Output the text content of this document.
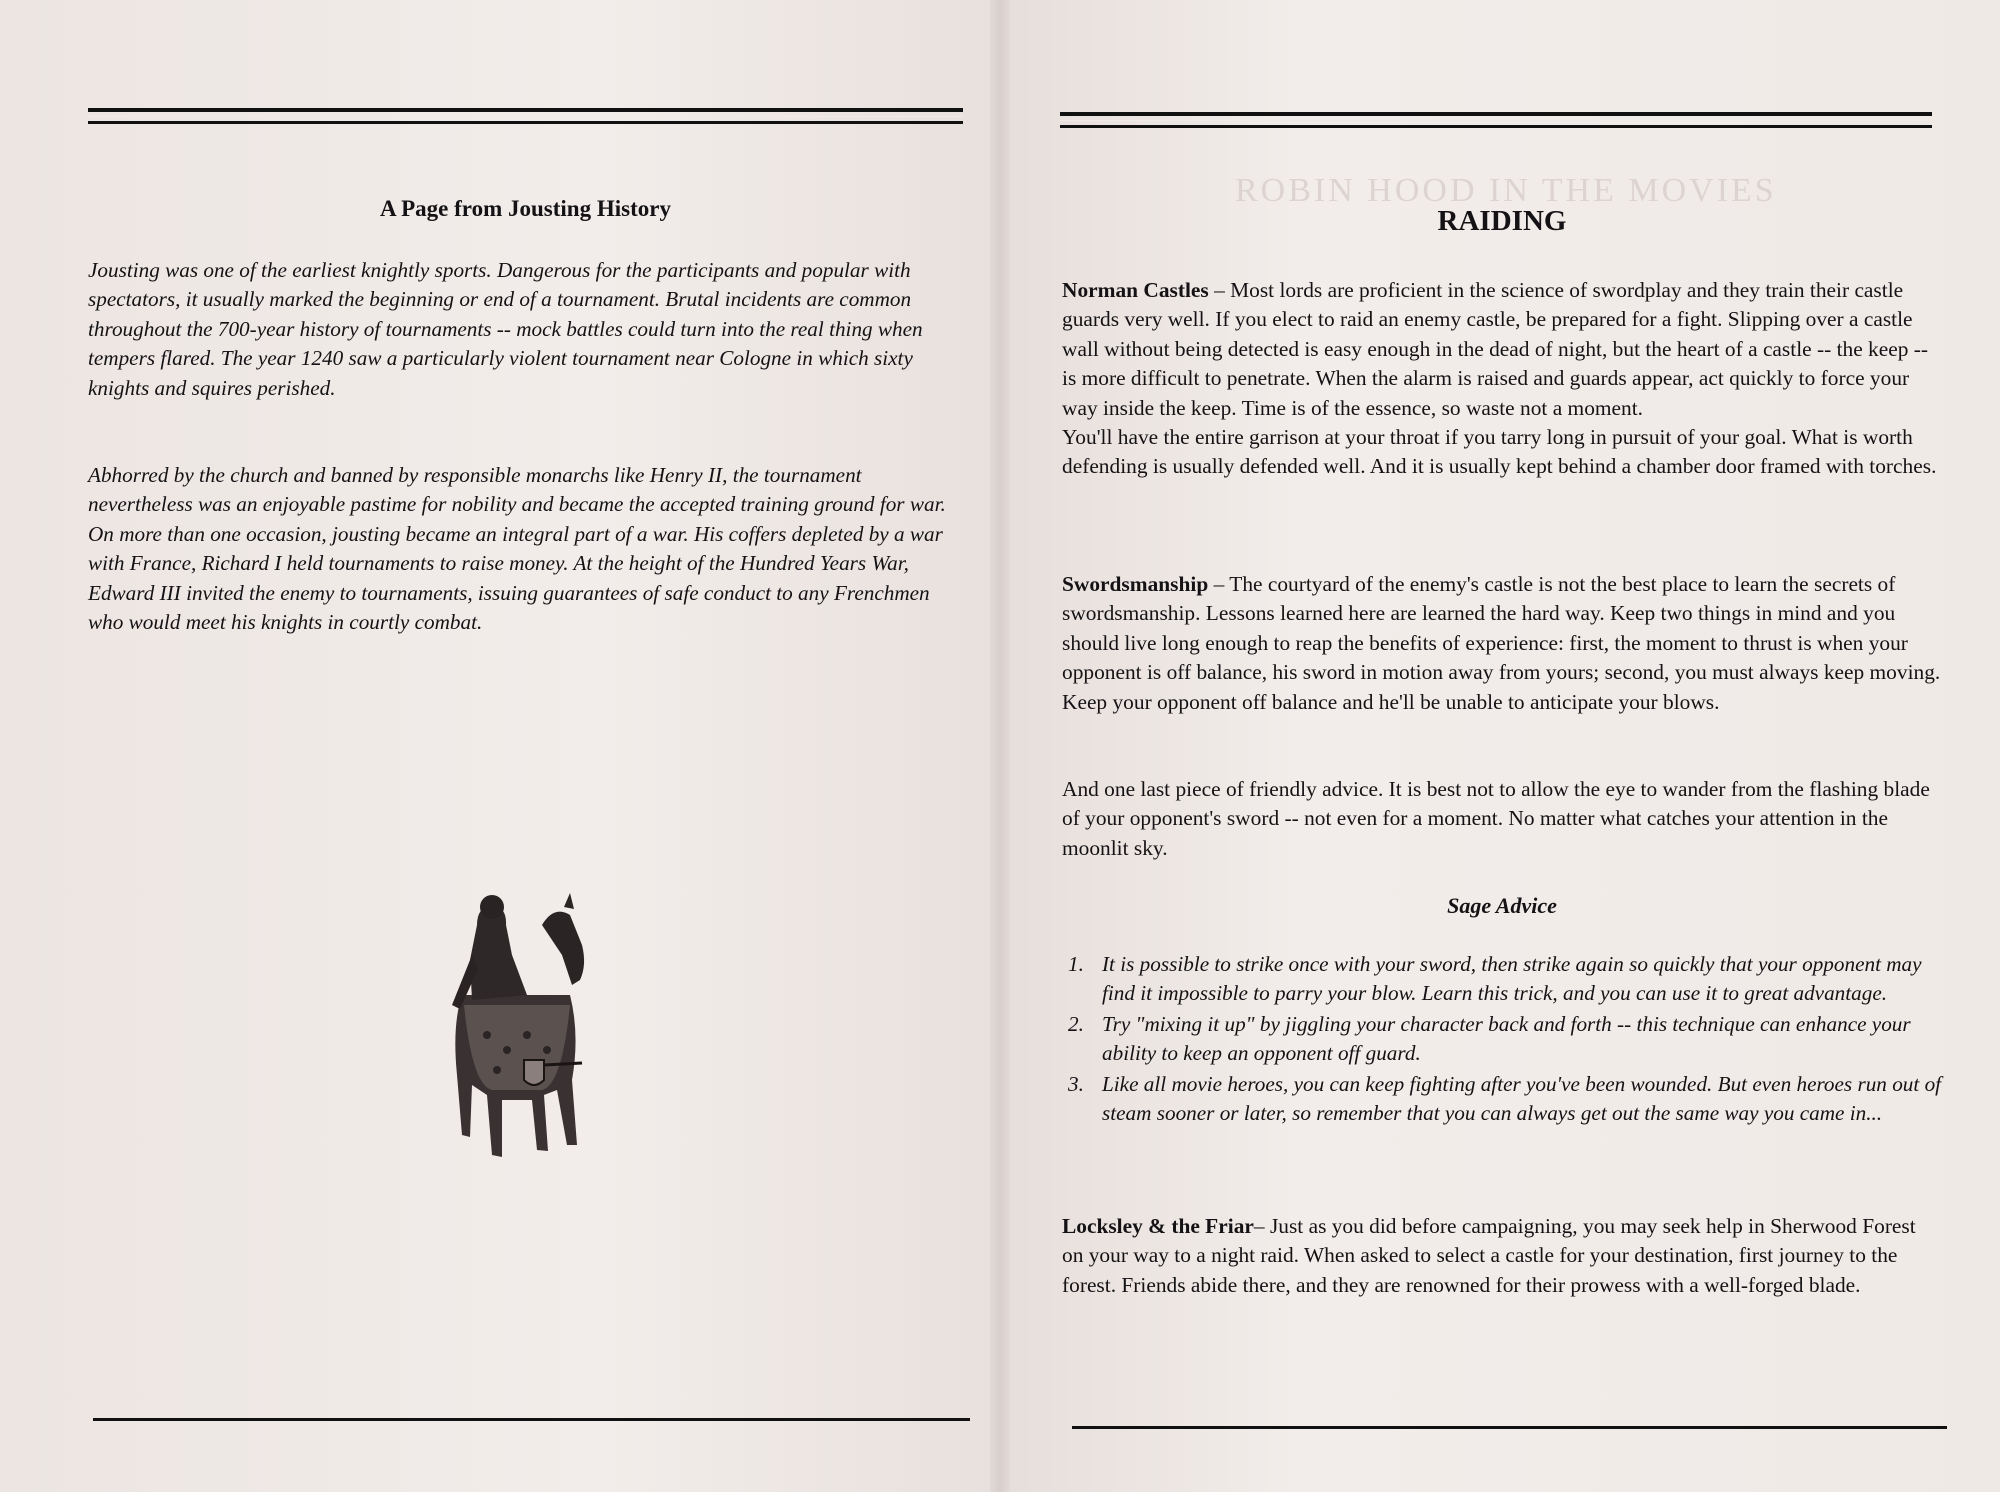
A Page from Jousting History
Jousting was one of the earliest knightly sports. Dangerous for the participants and popular with spectators, it usually marked the beginning or end of a tournament. Brutal incidents are common throughout the 700-year history of tournaments -- mock battles could turn into the real thing when tempers flared. The year 1240 saw a particularly violent tournament near Cologne in which sixty knights and squires perished.
Abhorred by the church and banned by responsible monarchs like Henry II, the tournament nevertheless was an enjoyable pastime for nobility and became the accepted training ground for war. On more than one occasion, jousting became an integral part of a war. His coffers depleted by a war with France, Richard I held tournaments to raise money. At the height of the Hundred Years War, Edward III invited the enemy to tournaments, issuing guarantees of safe conduct to any Frenchmen who would meet his knights in courtly combat.
ROBIN HOOD IN THE MOVIES
RAIDING
Norman Castles – Most lords are proficient in the science of swordplay and they train their castle guards very well. If you elect to raid an enemy castle, be prepared for a fight. Slipping over a castle wall without being detected is easy enough in the dead of night, but the heart of a castle -- the keep -- is more difficult to penetrate. When the alarm is raised and guards appear, act quickly to force your way inside the keep. Time is of the essence, so waste not a moment.
You'll have the entire garrison at your throat if you tarry long in pursuit of your goal. What is worth defending is usually defended well. And it is usually kept behind a chamber door framed with torches.
Swordsmanship – The courtyard of the enemy's castle is not the best place to learn the secrets of swordsmanship. Lessons learned here are learned the hard way. Keep two things in mind and you should live long enough to reap the benefits of experience: first, the moment to thrust is when your opponent is off balance, his sword in motion away from yours; second, you must always keep moving. Keep your opponent off balance and he'll be unable to anticipate your blows.
And one last piece of friendly advice. It is best not to allow the eye to wander from the flashing blade of your opponent's sword -- not even for a moment. No matter what catches your attention in the moonlit sky.
Sage Advice
1. It is possible to strike once with your sword, then strike again so quickly that your opponent may find it impossible to parry your blow. Learn this trick, and you can use it to great advantage.
2. Try "mixing it up" by jiggling your character back and forth -- this technique can enhance your ability to keep an opponent off guard.
3. Like all movie heroes, you can keep fighting after you've been wounded. But even heroes run out of steam sooner or later, so remember that you can always get out the same way you came in...
Locksley & the Friar– Just as you did before campaigning, you may seek help in Sherwood Forest on your way to a night raid. When asked to select a castle for your destination, first journey to the forest. Friends abide there, and they are renowned for their prowess with a well-forged blade.
